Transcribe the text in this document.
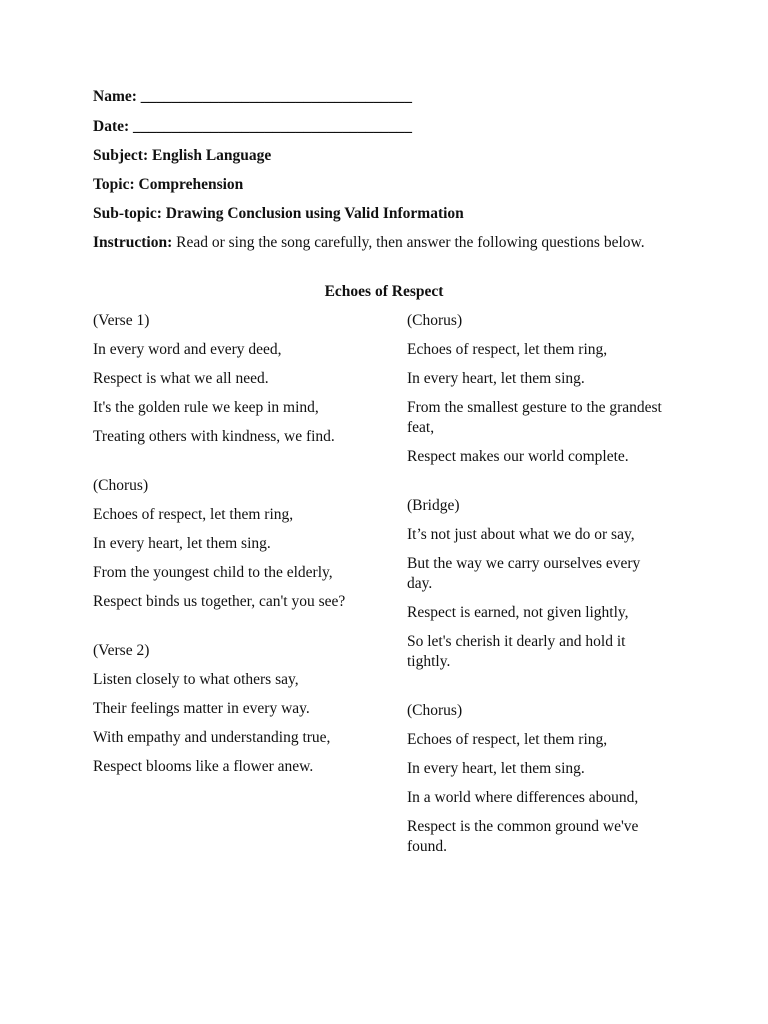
Name: ___________________________________

Date: ____________________________________

Subject: English Language

Topic: Comprehension

Sub-topic: Drawing Conclusion using Valid Information

Instruction: Read or sing the song carefully, then answer the following questions below.

Echoes of Respect

(Verse 1)

In every word and every deed,

Respect is what we all need.

It's the golden rule we keep in mind,

Treating others with kindness, we find.

(Chorus)

Echoes of respect, let them ring,

In every heart, let them sing.

From the youngest child to the elderly,

Respect binds us together, can't you see?

(Verse 2)

Listen closely to what others say,

Their feelings matter in every way.

With empathy and understanding true,

Respect blooms like a flower anew.

(Chorus)

Echoes of respect, let them ring,

In every heart, let them sing.

From the smallest gesture to the grandest feat,

Respect makes our world complete.

(Bridge)

It’s not just about what we do or say,

But the way we carry ourselves every day.

Respect is earned, not given lightly,

So let's cherish it dearly and hold it tightly.

(Chorus)

Echoes of respect, let them ring,

In every heart, let them sing.

In a world where differences abound,

Respect is the common ground we've found.
